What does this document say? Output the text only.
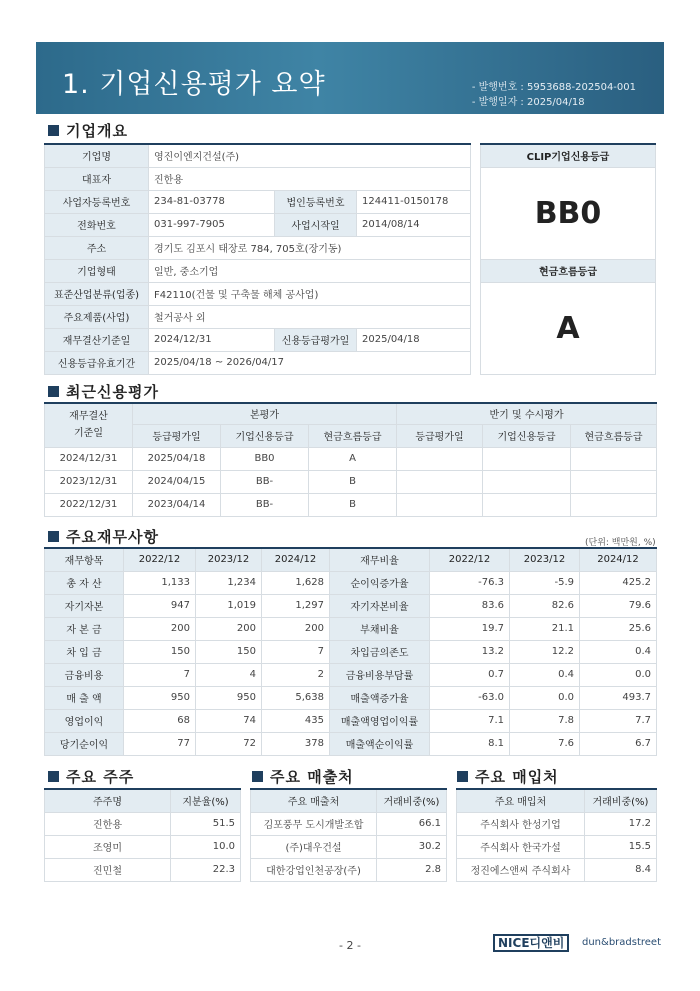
1. 기업신용평가 요약	- 발행번호 : 5953688-202504-001
- 발행일자 : 2025/04/18
기업개요
기업명	영진이엔지건설(주)		
대표자	진한용		
사업자등록번호	234-81-03778	법인등록번호	124411-0150178
전화번호	031-997-7905	사업시작일	2014/08/14
주소	경기도 김포시 태장로 784, 705호(장기동)		
기업형태	일반, 중소기업		
표준산업분류(업종)	F42110(건물 및 구축물 해체 공사업)		
주요제품(사업)	철거공사 외		
재무결산기준일	2024/12/31	신용등급평가일	2025/04/18
신용등급유효기간	2025/04/18 ~ 2026/04/17		
CLIP기업신용등급
BB0
현금흐름등급
A
최근신용평가
재무결산
기준일	본평가			반기 및 수시평가		
	등급평가일	기업신용등급	현금흐름등급	등급평가일	기업신용등급	현금흐름등급
2024/12/31	2025/04/18	BB0	A			
2023/12/31	2024/04/15	BB-	B			
2022/12/31	2023/04/14	BB-	B			
주요재무사항	(단위: 백만원, %)
재무항목	2022/12	2023/12	2024/12	재무비율	2022/12	2023/12	2024/12
총 자 산	1,133	1,234	1,628	순이익증가율	-76.3	-5.9	425.2
자기자본	947	1,019	1,297	자기자본비율	83.6	82.6	79.6
자 본 금	200	200	200	부채비율	19.7	21.1	25.6
차 입 금	150	150	7	차입금의존도	13.2	12.2	0.4
금융비용	7	4	2	금융비용부담률	0.7	0.4	0.0
매 출 액	950	950	5,638	매출액증가율	-63.0	0.0	493.7
영업이익	68	74	435	매출액영업이익률	7.1	7.8	7.7
당기순이익	77	72	378	매출액순이익률	8.1	7.6	6.7
주요 주주	주요 매출처	주요 매입처
주주명	지분율(%)
진한용	51.5
조영미	10.0
진민철	22.3
주요 매출처	거래비중(%)
김포풍무 도시개발조합	66.1
(주)대우건설	30.2
대한강업인천공장(주)	2.8
주요 매입처	거래비중(%)
주식회사 한성기업	17.2
주식회사 한국가설	15.5
정진에스앤씨 주식회사	8.4
- 2 -	NICE디앤비	dun&bradstreet
